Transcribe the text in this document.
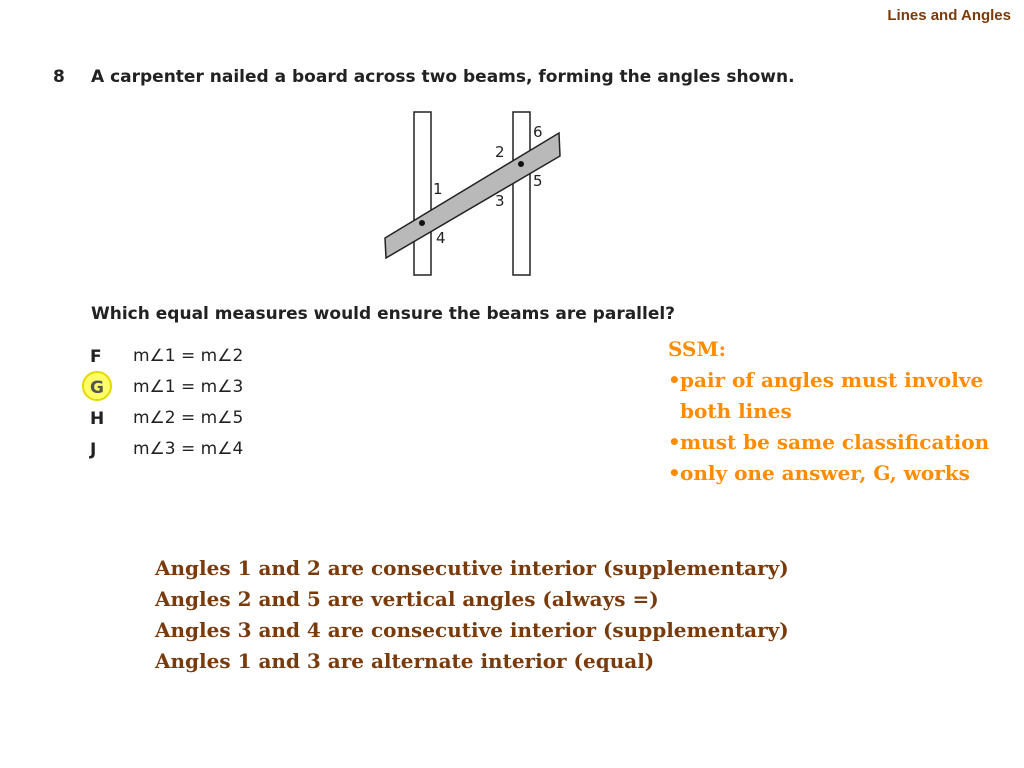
Lines and Angles
8 A carpenter nailed a board across two beams, forming the angles shown.
1
2
3
4
5
6
Which equal measures would ensure the beams are parallel?
F	m∠1 = m∠2
G	m∠1 = m∠3
H	m∠2 = m∠5
J	m∠3 = m∠4
SSM:
• pair of angles must involve both lines
• must be same classification
• only one answer, G, works
Angles 1 and 2 are consecutive interior (supplementary)
Angles 2 and 5 are vertical angles (always =)
Angles 3 and 4 are consecutive interior (supplementary)
Angles 1 and 3 are alternate interior (equal)
